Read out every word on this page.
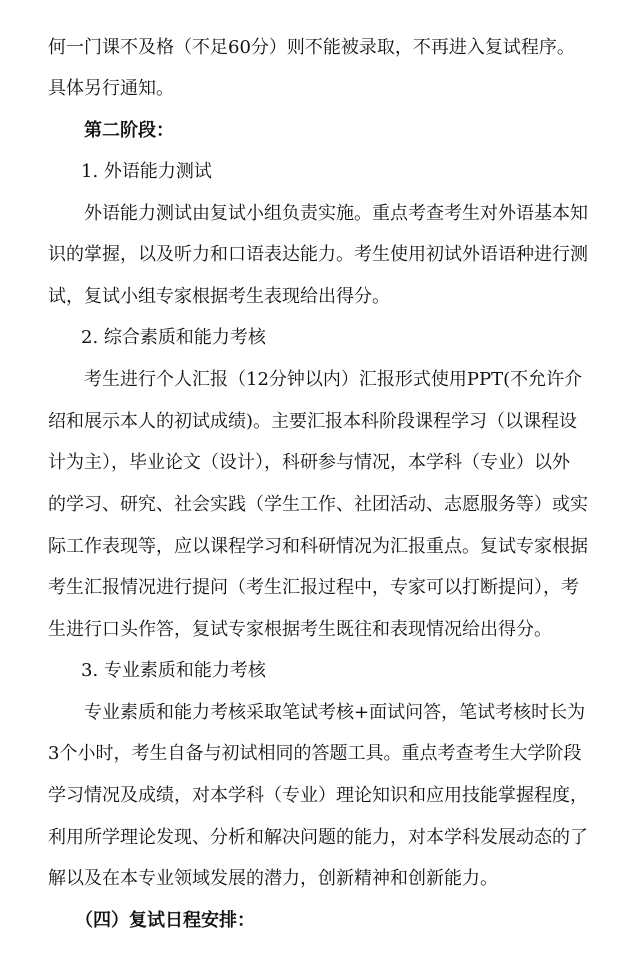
何一门课不及格（不足60分）则不能被录取，不再进入复试程序。
具体另行通知。
第二阶段：
1. 外语能力测试
外语能力测试由复试小组负责实施。重点考查考生对外语基本知
识的掌握，以及听力和口语表达能力。考生使用初试外语语种进行测
试，复试小组专家根据考生表现给出得分。
2. 综合素质和能力考核
考生进行个人汇报（12分钟以内）汇报形式使用PPT(不允许介
绍和展示本人的初试成绩)。主要汇报本科阶段课程学习（以课程设
计为主），毕业论文（设计），科研参与情况，本学科（专业）以外
的学习、研究、社会实践（学生工作、社团活动、志愿服务等）或实
际工作表现等，应以课程学习和科研情况为汇报重点。复试专家根据
考生汇报情况进行提问（考生汇报过程中，专家可以打断提问），考
生进行口头作答，复试专家根据考生既往和表现情况给出得分。
3. 专业素质和能力考核
专业素质和能力考核采取笔试考核+面试问答，笔试考核时长为
3个小时，考生自备与初试相同的答题工具。重点考查考生大学阶段
学习情况及成绩，对本学科（专业）理论知识和应用技能掌握程度，
利用所学理论发现、分析和解决问题的能力，对本学科发展动态的了
解以及在本专业领域发展的潜力，创新精神和创新能力。
（四）复试日程安排：
